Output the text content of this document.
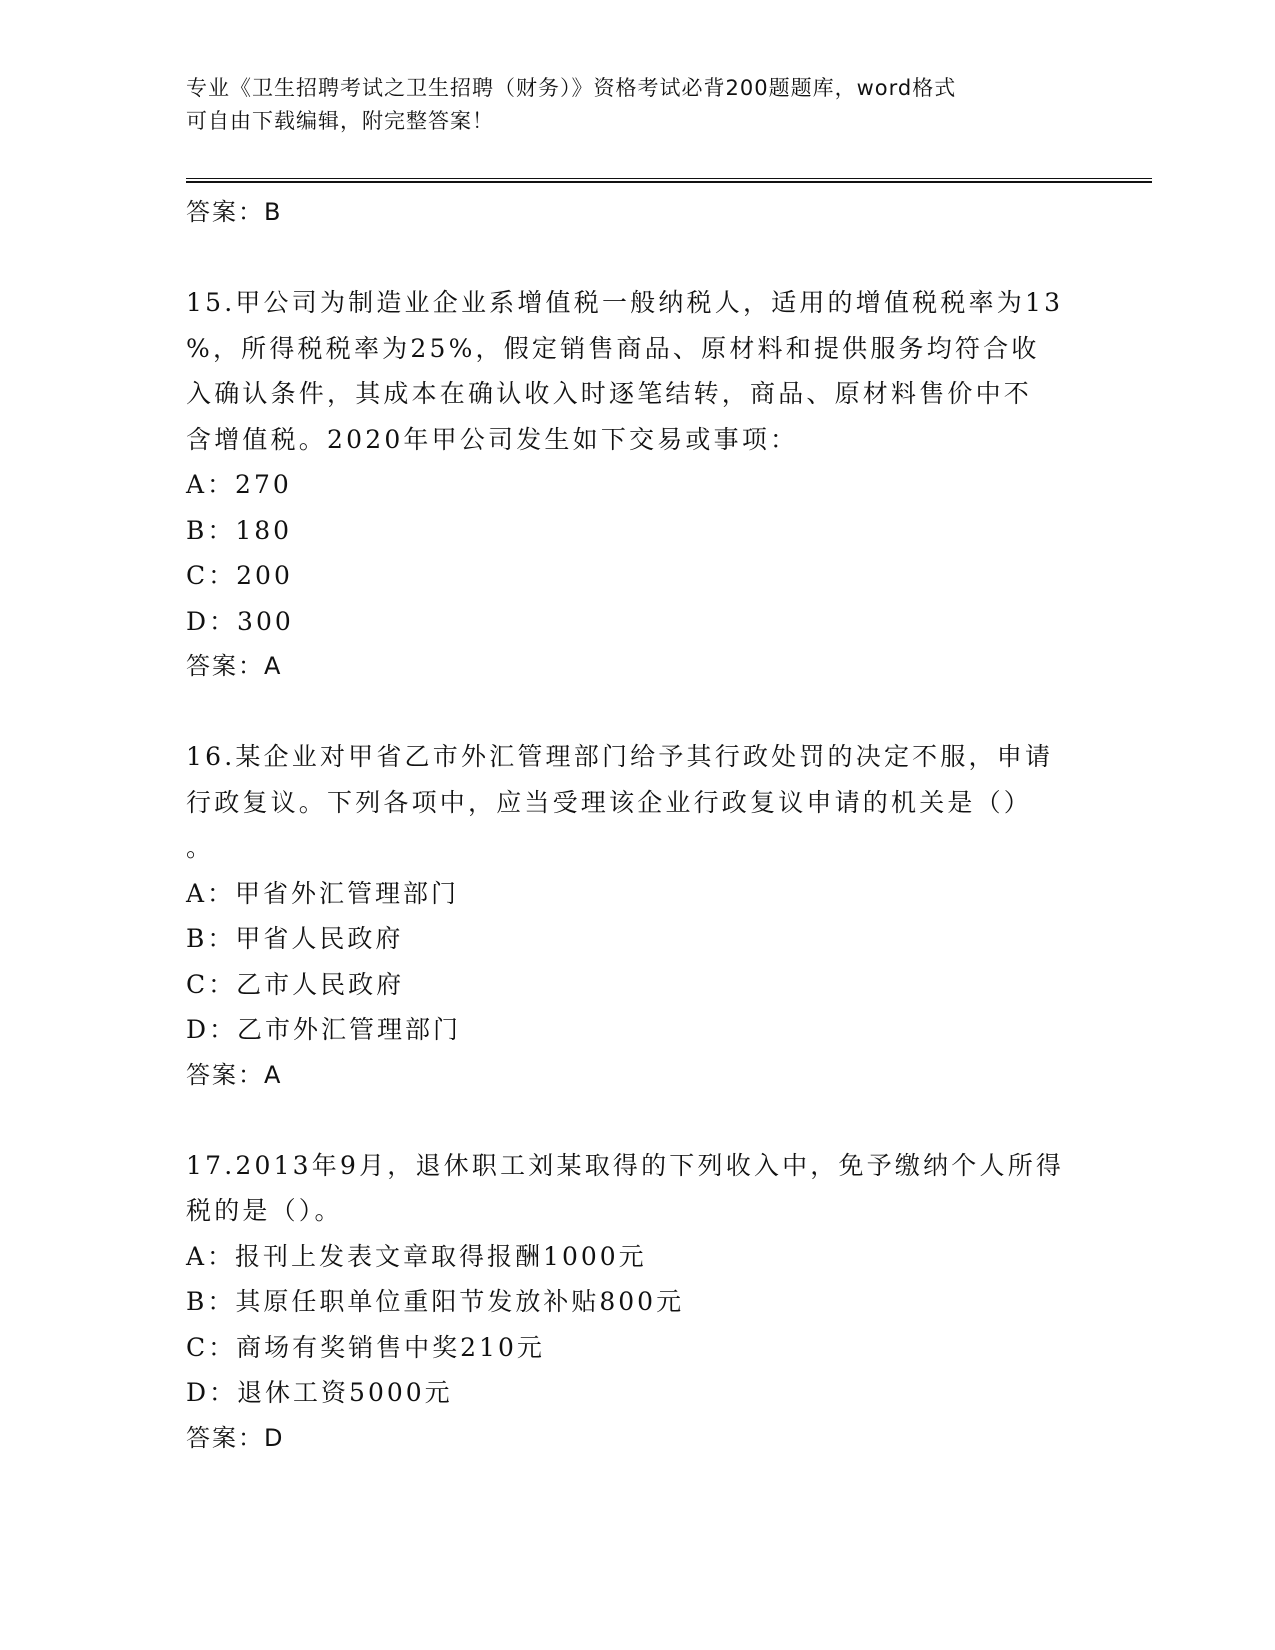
专业《卫生招聘考试之卫生招聘（财务）》资格考试必背200题题库，word格式
可自由下载编辑，附完整答案！
答案：B
15.甲公司为制造业企业系增值税一般纳税人，适用的增值税税率为13
%，所得税税率为25%，假定销售商品、原材料和提供服务均符合收
入确认条件，其成本在确认收入时逐笔结转，商品、原材料售价中不
含增值税。2020年甲公司发生如下交易或事项：
A：270
B：180
C：200
D：300
答案：A
16.某企业对甲省乙市外汇管理部门给予其行政处罚的决定不服，申请
行政复议。下列各项中，应当受理该企业行政复议申请的机关是（）
。
A：甲省外汇管理部门
B：甲省人民政府
C：乙市人民政府
D：乙市外汇管理部门
答案：A
17.2013年9月，退休职工刘某取得的下列收入中，免予缴纳个人所得
税的是（）。
A：报刊上发表文章取得报酬1000元
B：其原任职单位重阳节发放补贴800元
C：商场有奖销售中奖210元
D：退休工资5000元
答案：D
